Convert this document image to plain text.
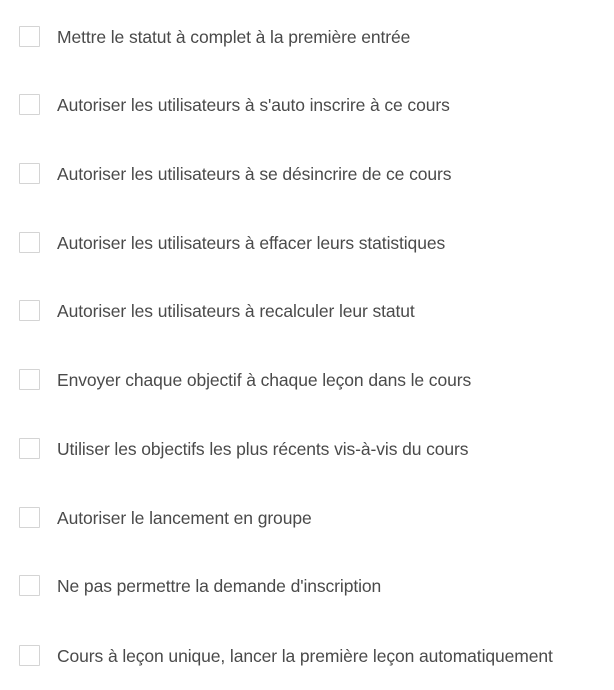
Mettre le statut à complet à la première entrée
Autoriser les utilisateurs à s'auto inscrire à ce cours
Autoriser les utilisateurs à se désincrire de ce cours
Autoriser les utilisateurs à effacer leurs statistiques
Autoriser les utilisateurs à recalculer leur statut
Envoyer chaque objectif à chaque leçon dans le cours
Utiliser les objectifs les plus récents vis-à-vis du cours
Autoriser le lancement en groupe
Ne pas permettre la demande d'inscription
Cours à leçon unique, lancer la première leçon automatiquement
